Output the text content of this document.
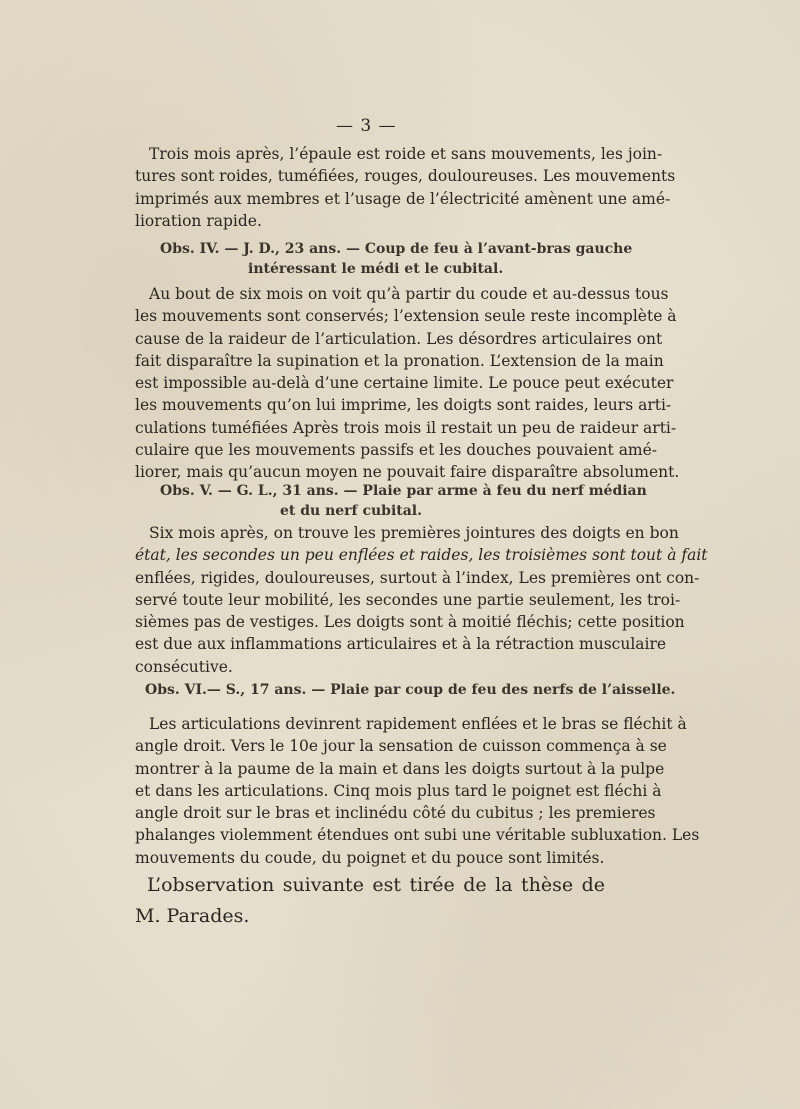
— 3 —

Trois mois après, l’épaule est roide et sans mouvements, les join-
tures sont roides, tuméfiées, rouges, douloureuses. Les mouvements
imprimés aux membres et l’usage de l’électricité amènent une amé-
lioration rapide.

Obs. IV. — J. D., 23 ans. — Coup de feu à l’avant-bras gauche
intéressant le médi et le cubital.

Au bout de six mois on voit qu’à partir du coude et au-dessus tous
les mouvements sont conservés; l’extension seule reste incomplète à
cause de la raideur de l’articulation. Les désordres articulaires ont
fait disparaître la supination et la pronation. L’extension de la main
est impossible au-delà d’une certaine limite. Le pouce peut exécuter
les mouvements qu’on lui imprime, les doigts sont raides, leurs arti-
culations tuméfiées Après trois mois il restait un peu de raideur arti-
culaire que les mouvements passifs et les douches pouvaient amé-
liorer, mais qu’aucun moyen ne pouvait faire disparaître absolument.

Obs. V. — G. L., 31 ans. — Plaie par arme à feu du nerf médian
et du nerf cubital.

Six mois après, on trouve les premières jointures des doigts en bon
état, les secondes un peu enflées et raides, les troisièmes sont tout à fait
enflées, rigides, douloureuses, surtout à l’index, Les premières ont con-
servé toute leur mobilité, les secondes une partie seulement, les troi-
sièmes pas de vestiges. Les doigts sont à moitié fléchis; cette position
est due aux inflammations articulaires et à la rétraction musculaire
consécutive.

Obs. VI.— S., 17 ans. — Plaie par coup de feu des nerfs de l’aisselle.

Les articulations devinrent rapidement enflées et le bras se fléchit à
angle droit. Vers le 10e jour la sensation de cuisson commença à se
montrer à la paume de la main et dans les doigts surtout à la pulpe
et dans les articulations. Cinq mois plus tard le poignet est fléchi à
angle droit sur le bras et inclinédu côté du cubitus ; les premieres
phalanges violemment étendues ont subi une véritable subluxation. Les
mouvements du coude, du poignet et du pouce sont limités.

L’observation suivante est tirée de la thèse de
M. Parades.
